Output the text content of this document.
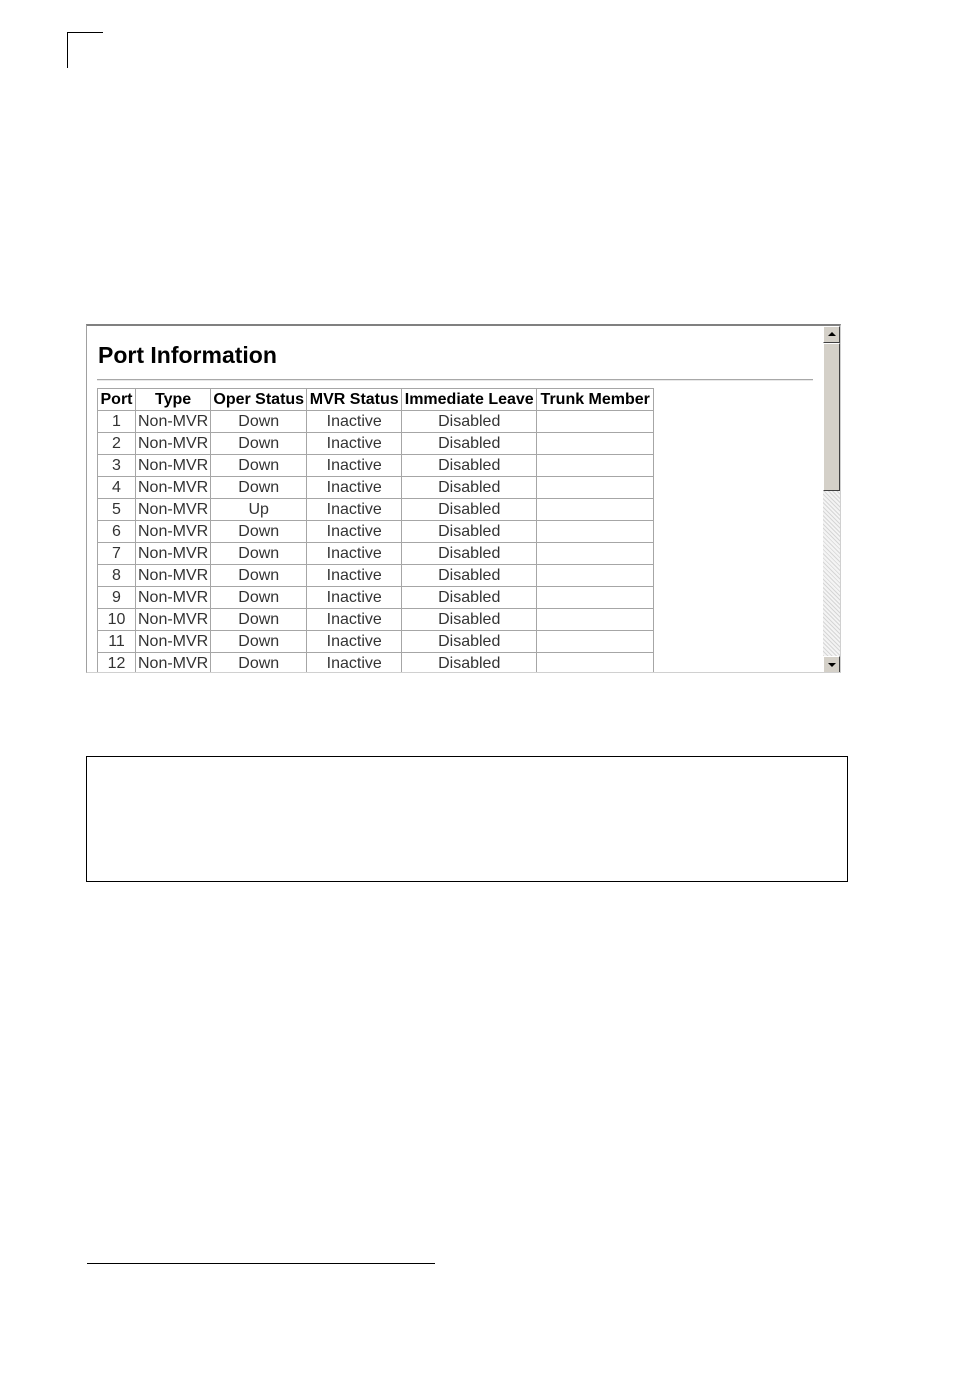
Port Information
Port	Type	Oper Status	MVR Status	Immediate Leave	Trunk Member
1	Non-MVR	Down	Inactive	Disabled	
2	Non-MVR	Down	Inactive	Disabled	
3	Non-MVR	Down	Inactive	Disabled	
4	Non-MVR	Down	Inactive	Disabled	
5	Non-MVR	Up	Inactive	Disabled	
6	Non-MVR	Down	Inactive	Disabled	
7	Non-MVR	Down	Inactive	Disabled	
8	Non-MVR	Down	Inactive	Disabled	
9	Non-MVR	Down	Inactive	Disabled	
10	Non-MVR	Down	Inactive	Disabled	
11	Non-MVR	Down	Inactive	Disabled	
12	Non-MVR	Down	Inactive	Disabled	
